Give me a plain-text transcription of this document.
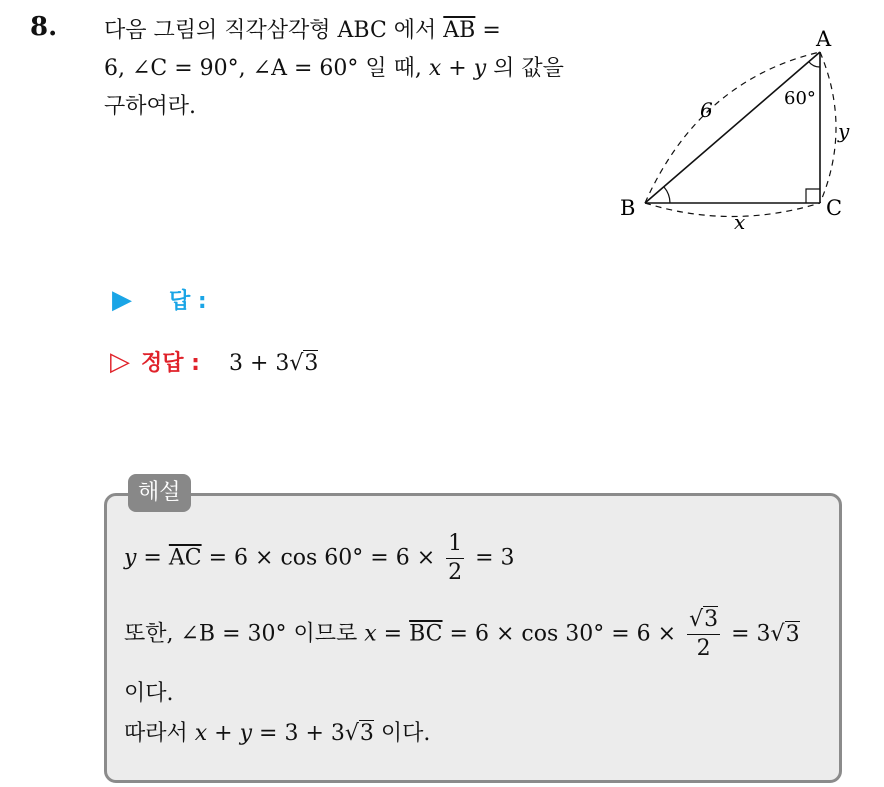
8. 다음 그림의 직각삼각형 ABC 에서 $\overline{AB}$ =
6, ∠C = 90°, ∠A = 60° 일 때, x + y 의 값을
구하여라.
A
B	C
6
x
y
60°
▶ 답 :
▷ 정답 : 3 + 3√3
해설
$y = \overline{AC} = 6 \times \cos 60^\circ = 6 \times \frac{1}{2} = 3$
또한, ∠B = 30° 이므로 $x = \overline{BC} = 6 \times \cos 30^\circ = 6 \times \frac{√3}{2} = 3√3$
이다.
따라서 x + y = 3 + 3√3 이다.
